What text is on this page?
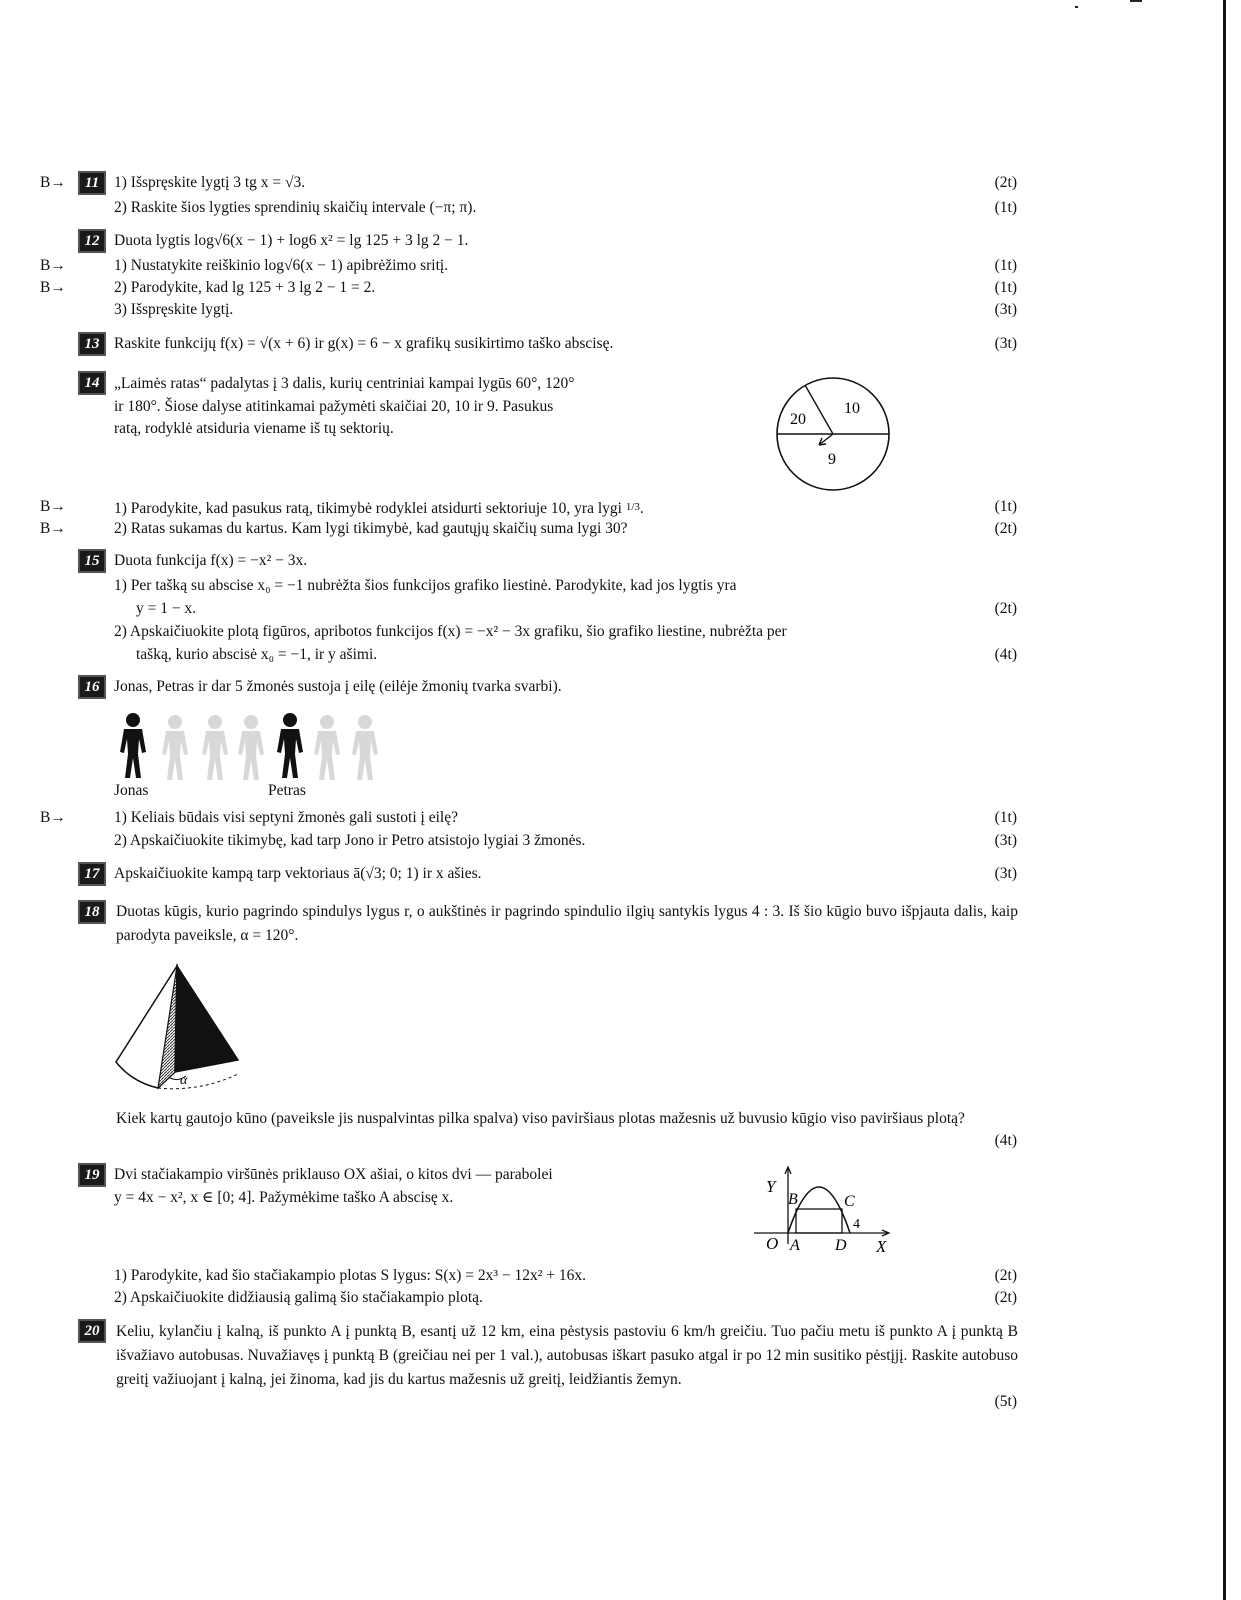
B→	11 1) Išspręskite lygtį 3 tg x = √3.	(2t)
2) Raskite šios lygties sprendinių skaičių intervale (−π; π).	(1t)
12 Duota lygtis log√6(x − 1) + log6 x² = lg 125 + 3 lg 2 − 1.
B→	1) Nustatykite reiškinio log√6(x − 1) apibrėžimo sritį.	(1t)
B→	2) Parodykite, kad lg 125 + 3 lg 2 − 1 = 2.	(1t)
3) Išspręskite lygtį.	(3t)
13 Raskite funkcijų f(x) = √(x + 6) ir g(x) = 6 − x grafikų susikirtimo taško abscisę.	(3t)
14 „Laimės ratas“ padalytas į 3 dalis, kurių centriniai kampai lygūs 60°, 120°
ir 180°. Šiose dalyse atitinkamai pažymėti skaičiai 20, 10 ir 9. Pasukus
ratą, rodyklė atsiduria viename iš tų sektorių.
20
10
9
B→	1) Parodykite, kad pasukus ratą, tikimybė rodyklei atsidurti sektoriuje 10, yra lygi 1/3.	(1t)
B→	2) Ratas sukamas du kartus. Kam lygi tikimybė, kad gautųjų skaičių suma lygi 30?	(2t)
15 Duota funkcija f(x) = −x² − 3x.
1) Per tašką su abscise x₀ = −1 nubrėžta šios funkcijos grafiko liestinė. Parodykite, kad jos lygtis yra
y = 1 − x.	(2t)
2) Apskaičiuokite plotą figūros, apribotos funkcijos f(x) = −x² − 3x grafiku, šio grafiko liestine, nubrėžta per
tašką, kurio abscisė x₀ = −1, ir y ašimi.	(4t)
16 Jonas, Petras ir dar 5 žmonės sustoja į eilę (eilėje žmonių tvarka svarbi).
Jonas	Petras
B→	1) Keliais būdais visi septyni žmonės gali sustoti į eilę?	(1t)
2) Apskaičiuokite tikimybę, kad tarp Jono ir Petro atsistojo lygiai 3 žmonės.	(3t)
17 Apskaičiuokite kampą tarp vektoriaus ā(√3; 0; 1) ir x ašies.	(3t)
18	Duotas kūgis, kurio pagrindo spindulys lygus r, o aukštinės ir pagrindo spindulio ilgių santykis lygus 4 : 3. Iš šio kūgio buvo išpjauta dalis, kaip parodyta paveiksle, α = 120°.
α
Kiek kartų gautojo kūno (paveiksle jis nuspalvintas pilka spalva) viso paviršiaus plotas mažesnis už buvusio kūgio viso paviršiaus plotą?
(4t)
19 Dvi stačiakampio viršūnės priklauso OX ašiai, o kitos dvi — parabolei
y = 4x − x², x ∈ [0; 4]. Pažymėkime taško A abscisę x.
Y
X
O A
B	C
D
4
1) Parodykite, kad šio stačiakampio plotas S lygus: S(x) = 2x³ − 12x² + 16x.	(2t)
2) Apskaičiuokite didžiausią galimą šio stačiakampio plotą.	(2t)
20	Keliu, kylančiu į kalną, iš punkto A į punktą B, esantį už 12 km, eina pėstysis pastoviu 6 km/h greičiu. Tuo pačiu metu iš punkto A į punktą B išvažiavo autobusas. Nuvažiavęs į punktą B (greičiau nei per 1 val.), autobusas iškart pasuko atgal ir po 12 min susitiko pėstįjį. Raskite autobuso greitį važiuojant į kalną, jei žinoma, kad jis du kartus mažesnis už greitį, leidžiantis žemyn.
(5t)
